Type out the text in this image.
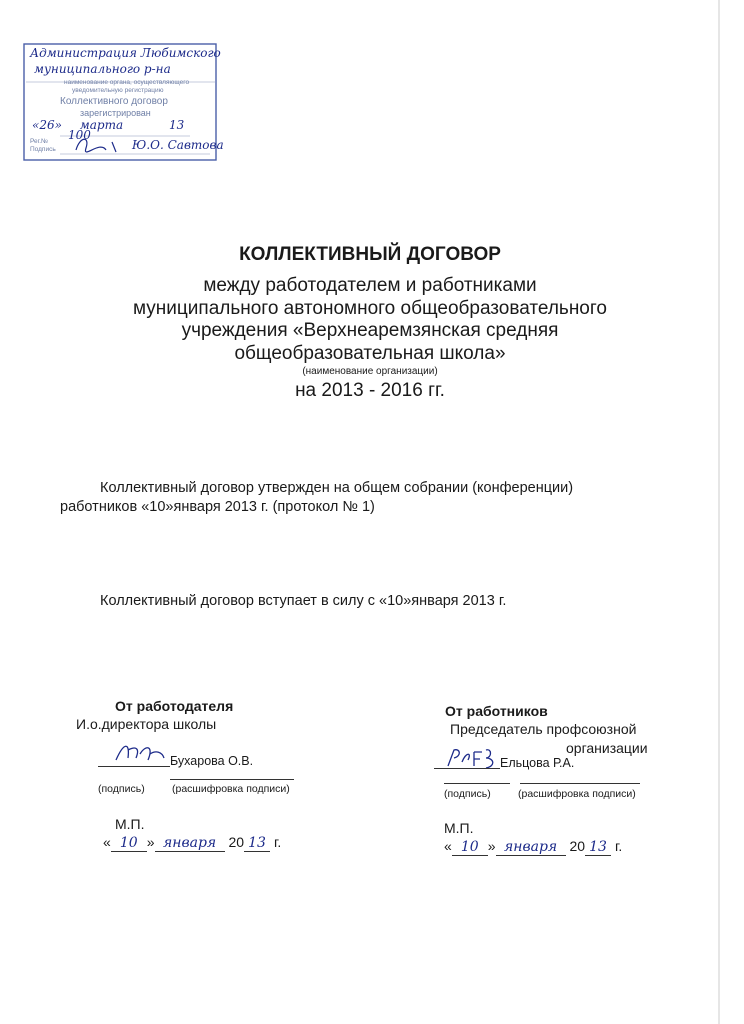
Администрация Любимского
муниципального р-на
наименование органа, осуществляющего
уведомительную регистрацию
Коллективного договор
зарегистрирован
«26» марта	13
Рег.№ 100
Подпись	Ю.О. Савтова
КОЛЛЕКТИВНЫЙ ДОГОВОР
между работодателем и работниками
муниципального автономного общеобразовательного
учреждения «Верхнеаремзянская средняя
общеобразовательная школа»
(наименование организации)
на 2013 - 2016 гг.
Коллективный договор утвержден на общем собрании (конференции)
работников «10»января 2013 г. (протокол № 1)
Коллективный договор вступает в силу с «10»января 2013 г.
От работодателя
И.о.директора школы
Бухарова О.В.
(подпись)	(расшифровка подписи)
М.П.
« 10 » января 20 13 г.
От работников
Председатель профсоюзной
организации
Ельцова Р.А.
(подпись)	(расшифровка подписи)
М.П.
« 10 » января 20 13 г.
